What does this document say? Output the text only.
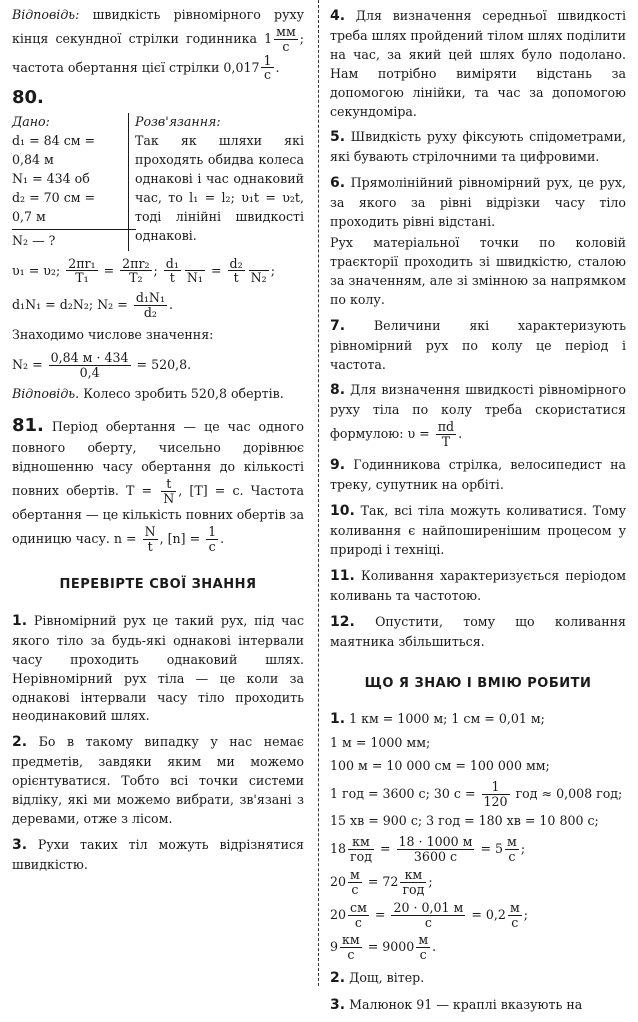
Відповідь: швидкість рівномірного руху кінця секундної стрілки годинника $1 \frac{мм}{с}$ ; частота обертання цієї стрілки $0,017 \frac{1}{с}$ .

80.
Дано:
d₁ = 84 см =
0,84 м
N₁ = 434 об
d₂ = 70 см =
0,7 м
N₂ — ?
Розв'язання:

Так як шляхи які проходять обидва колеса однакові і час однаковий час, то l₁ = l₂; υ₁t = υ₂t, тоді лінійні швидкості однакові.

υ₁ = υ₂; $\frac{\text{2πr₁}}{\text{T₁}} = \frac{\text{2πr₂}}{\text{T₂}}$ ; $\frac{\text{d₁}}{t}$
N₁
= $\frac{\text{d₂}}{t}$
N₂
;
d₁N₁ = d₂N₂; $N_2 = \frac{\text{d₁N₁}}{\text{d₂}}$ .

Знаходимо числове значення:

$N_2 = \frac{0,84 м \cdot 434}{0,4} = 520,8$.

Відповідь. Колесо зробить 520,8 обертів.

81. Період обертання — це час одного повного оберту, чисельно дорівнює відношенню часу обертання до кількості повних обертів. $T = \frac{t}{N}$ , [T] = с. Частота обертання — це кількість повних обертів за одиницю часу. $n = \frac{N}{t}$ , $[n] = \frac{1}{с}$ .

ПЕРЕВІРТЕ СВОЇ ЗНАННЯ

1. Рівномірний рух це такий рух, під час якого тіло за будь-які однакові інтервали часу проходить однаковий шлях. Нерівномірний рух тіла — це коли за однакові інтервали часу тіло проходить неодинаковий шлях.

2. Бо в такому випадку у нас немає предметів, завдяки яким ми можемо орієнтуватися. Тобто всі точки системи відліку, які ми можемо вибрати, зв'язані з деревами, отже з лісом.

3. Рухи таких тіл можуть відрізнятися швидкістю.

4. Для визначення середньої швидкості треба шлях пройдений тілом шлях поділити на час, за який цей шлях було подолано. Нам потрібно виміряти відстань за допомогою лінійки, та час за допомогою секундоміра.

5. Швидкість руху фіксують спідометрами, які бувають стрілочними та цифровими.

6. Прямолінійний рівномірний рух, це рух, за якого за рівні відрізки часу тіло проходить рівні відстані.

Рух матеріальної точки по коловій траєкторії проходить зі швидкістю, сталою за значенням, але зі змінною за напрямком по колу.

7. Величини які характеризують рівномірний рух по колу це період і частота.

8. Для визначення швидкості рівномірного руху тіла по колу треба скористатися формулою: $\upsilon = \frac{\pi d}{T}$ .

9. Годинникова стрілка, велосипедист на треку, супутник на орбіті.

10. Так, всі тіла можуть коливатися. Тому коливання є найпоширенішим процесом у природі і техніці.

11. Коливання характеризується періодом коливань та частотою.

12. Опустити, тому що коливання маятника збільшиться.

ЩО Я ЗНАЮ І ВМІЮ РОБИТИ
1. 1 км = 1000 м; 1 см = 0,01 м;
1 м = 1000 мм;
100 м = 10 000 см = 100 000 мм;
1 год = 3600 с; 30 $с = \frac{1}{120}$ год ≈ 0,008 год;
15 хв = 900 с; 3 год = 180 хв = 10 800 с;
$18 \frac{км}{\text{год}} = \frac{18 \cdot 1000 м}{3600 с} = 5 \frac{м}{с}$ ;
$20 \frac{м}{с} = 72 \frac{км}{\text{год}}$ ;
$20 \frac{см}{с} = \frac{20 \cdot 0,01 м}{с} = 0,2 \frac{м}{с}$ ;
$9 \frac{км}{с} = 9000 \frac{м}{с}$ .

2. Дощ, вітер.

3. Малюнок 91 — краплі вказують на
